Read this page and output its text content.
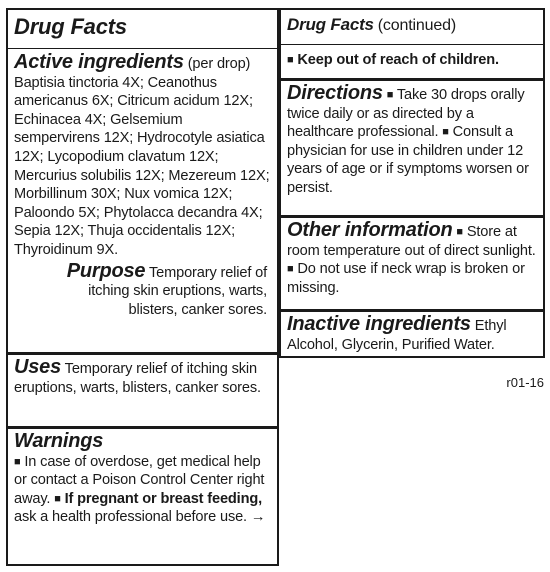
Drug Facts
Active ingredients (per drop)
Baptisia tinctoria 4X; Ceanothus americanus 6X; Citricum acidum 12X; Echinacea 4X; Gelsemium sempervirens 12X; Hydrocotyle asiatica 12X; Lycopodium clavatum 12X; Mercurius solubilis 12X; Mezereum 12X; Morbillinum 30X; Nux vomica 12X; Paloondo 5X; Phytolacca decandra 4X; Sepia 12X; Thuja occidentalis 12X; Thyroidinum 9X.
Purpose Temporary relief of itching skin eruptions, warts, blisters, canker sores.
Uses Temporary relief of itching skin eruptions, warts, blisters, canker sores.
Warnings
■ In case of overdose, get medical help or contact a Poison Control Center right away. ■ If pregnant or breast feeding, ask a health professional before use. →
Drug Facts (continued)
■ Keep out of reach of children.
Directions ■ Take 30 drops orally twice daily or as directed by a healthcare professional. ■ Consult a physician for use in children under 12 years of age or if symptoms worsen or persist.
Other information ■ Store at room temperature out of direct sunlight. ■ Do not use if neck wrap is broken or missing.
Inactive ingredients Ethyl Alcohol, Glycerin, Purified Water.
r01-16
